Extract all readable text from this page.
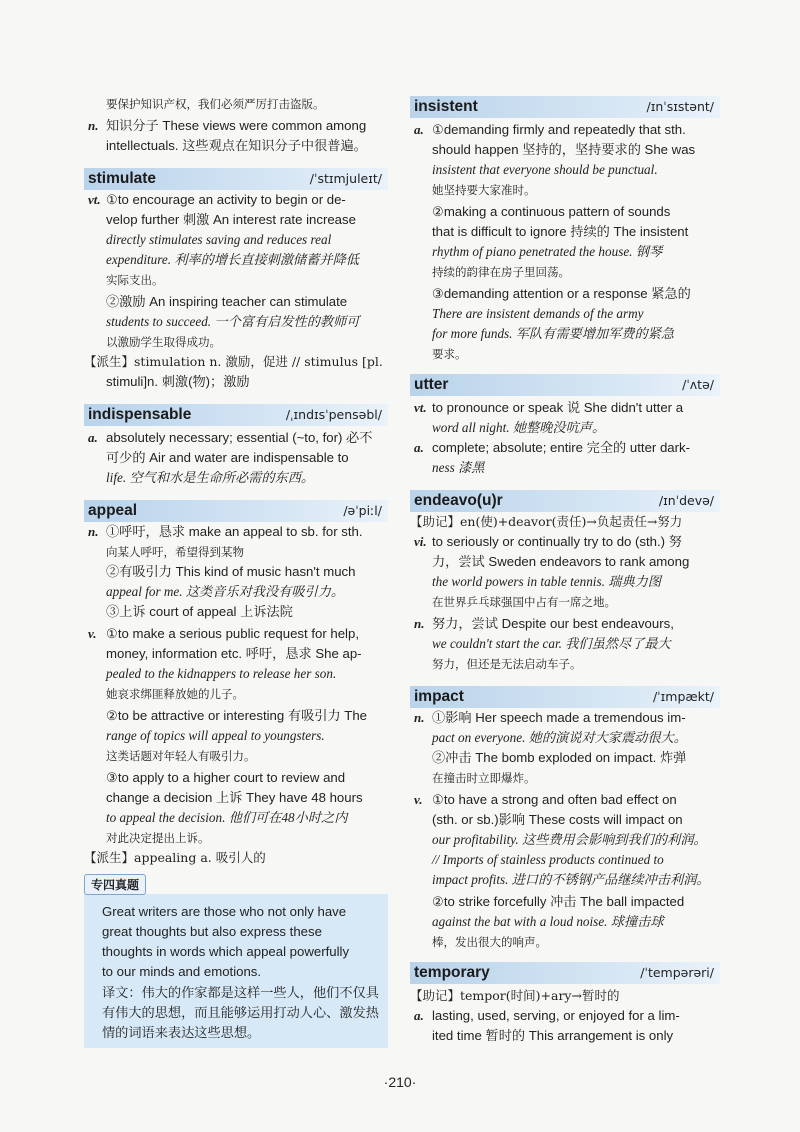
要保护知识产权，我们必须严厉打击盗版。
n. 知识分子 These views were common among
intellectuals. 这些观点在知识分子中很普遍。
stimulate	/ˈstɪmjuleɪt/
vt. ①to encourage an activity to begin or de-
velop further 刺激 An interest rate increase
directly stimulates saving and reduces real
expenditure. 利率的增长直接刺激储蓄并降低
实际支出。
②激励 An inspiring teacher can stimulate
students to succeed. 一个富有启发性的教师可
以激励学生取得成功。
【派生】stimulation n. 激励，促进 // stimulus [pl.
stimuli]n. 刺激(物)；激励
indispensable	/ˌɪndɪsˈpensəbl/
a. absolutely necessary; essential (~to, for) 必不
可少的 Air and water are indispensable to
life. 空气和水是生命所必需的东西。
appeal	/əˈpiːl/
n. ①呼吁，恳求 make an appeal to sb. for sth.
向某人呼吁，希望得到某物
②有吸引力 This kind of music hasn't much
appeal for me. 这类音乐对我没有吸引力。
③上诉 court of appeal 上诉法院
v. ①to make a serious public request for help,
money, information etc. 呼吁，恳求 She ap-
pealed to the kidnappers to release her son.
她哀求绑匪释放她的儿子。
②to be attractive or interesting 有吸引力 The
range of topics will appeal to youngsters.
这类话题对年轻人有吸引力。
③to apply to a higher court to review and
change a decision 上诉 They have 48 hours
to appeal the decision. 他们可在48小时之内
对此决定提出上诉。
【派生】appealing a. 吸引人的
专四真题
Great writers are those who not only have
great thoughts but also express these
thoughts in words which appeal powerfully
to our minds and emotions.
译文：伟大的作家都是这样一些人，他们不仅具
有伟大的思想，而且能够运用打动人心、激发热
情的词语来表达这些思想。
insistent	/ɪnˈsɪstənt/
a. ①demanding firmly and repeatedly that sth.
should happen 坚持的，坚持要求的 She was
insistent that everyone should be punctual.
她坚持要大家准时。
②making a continuous pattern of sounds
that is difficult to ignore 持续的 The insistent
rhythm of piano penetrated the house. 钢琴
持续的韵律在房子里回荡。
③demanding attention or a response 紧急的
There are insistent demands of the army
for more funds. 军队有需要增加军费的紧急
要求。
utter	/ˈʌtə/
vt. to pronounce or speak 说 She didn't utter a
word all night. 她整晚没吭声。
a. complete; absolute; entire 完全的 utter dark-
ness 漆黑
endeavo(u)r	/ɪnˈdevə/
【助记】en(使)+deavor(责任)→负起责任→努力
vi. to seriously or continually try to do (sth.) 努
力，尝试 Sweden endeavors to rank among
the world powers in table tennis. 瑞典力图
在世界乒乓球强国中占有一席之地。
n. 努力，尝试 Despite our best endeavours,
we couldn't start the car. 我们虽然尽了最大
努力，但还是无法启动车子。
impact	/ˈɪmpækt/
n. ①影响 Her speech made a tremendous im-
pact on everyone. 她的演说对大家震动很大。
②冲击 The bomb exploded on impact. 炸弹
在撞击时立即爆炸。
v. ①to have a strong and often bad effect on
(sth. or sb.)影响 These costs will impact on
our profitability. 这些费用会影响到我们的利润。
// Imports of stainless products continued to
impact profits. 进口的不锈钢产品继续冲击利润。
②to strike forcefully 冲击 The ball impacted
against the bat with a loud noise. 球撞击球
棒，发出很大的响声。
temporary	/ˈtempərəri/
【助记】tempor(时间)+ary→暂时的
a. lasting, used, serving, or enjoyed for a lim-
ited time 暂时的 This arrangement is only
·210·
